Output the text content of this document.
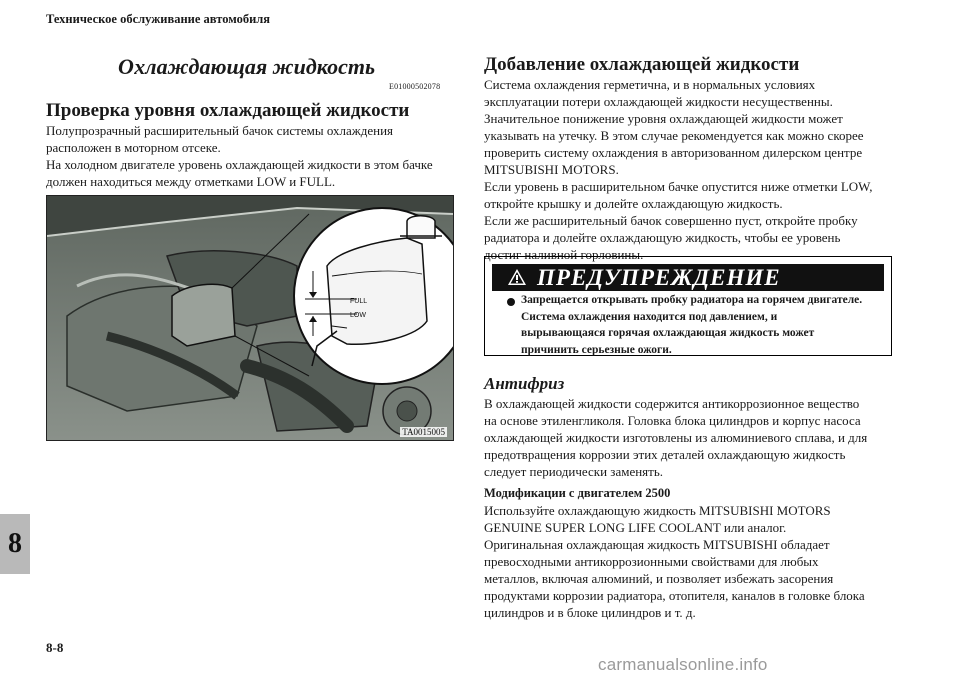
Техническое обслуживание автомобиля
8
8-8
carmanualsonline.info
Охлаждающая жидкость
E01000502078
Проверка уровня охлаждающей жидкости

Полупрозрачный расширительный бачок системы охлаждения

расположен в моторном отсеке.

На холодном двигателе уровень охлаждающей жидкости в этом бачке

должен находиться между отметками LOW и FULL.

FULL
LOW
TA0015005
Добавление охлаждающей жидкости

Система охлаждения герметична, и в нормальных условиях

эксплуатации потери охлаждающей жидкости несущественны.

Значительное понижение уровня охлаждающей жидкости может

указывать на утечку. В этом случае рекомендуется как можно скорее

проверить систему охлаждения в авторизованном дилерском центре

MITSUBISHI MOTORS.

Если уровень в расширительном бачке опустится ниже отметки LOW,

откройте крышку и долейте охлаждающую жидкость.

Если же расширительный бачок совершенно пуст, откройте пробку

радиатора и долейте охлаждающую жидкость, чтобы ее уровень

достиг наливной горловины.

ПРЕДУПРЕЖДЕНИЕ
Запрещается открывать пробку радиатора на горячем двигателе.
Система охлаждения находится под давлением, и
вырывающаяся горячая охлаждающая жидкость может
причинить серьезные ожоги.
Антифриз
В охлаждающей жидкости содержится антикоррозионное вещество
на основе этиленгликоля. Головка блока цилиндров и корпус насоса
охлаждающей жидкости изготовлены из алюминиевого сплава, и для
предотвращения коррозии этих деталей охлаждающую жидкость
следует периодически заменять.
Модификации с двигателем 2500

Используйте охлаждающую жидкость MITSUBISHI MOTORS

GENUINE SUPER LONG LIFE COOLANT или аналог.

Оригинальная охлаждающая жидкость MITSUBISHI обладает

превосходными антикоррозионными свойствами для любых

металлов, включая алюминий, и позволяет избежать засорения

продуктами коррозии радиатора, отопителя, каналов в головке блока

цилиндров и в блоке цилиндров и т. д.
